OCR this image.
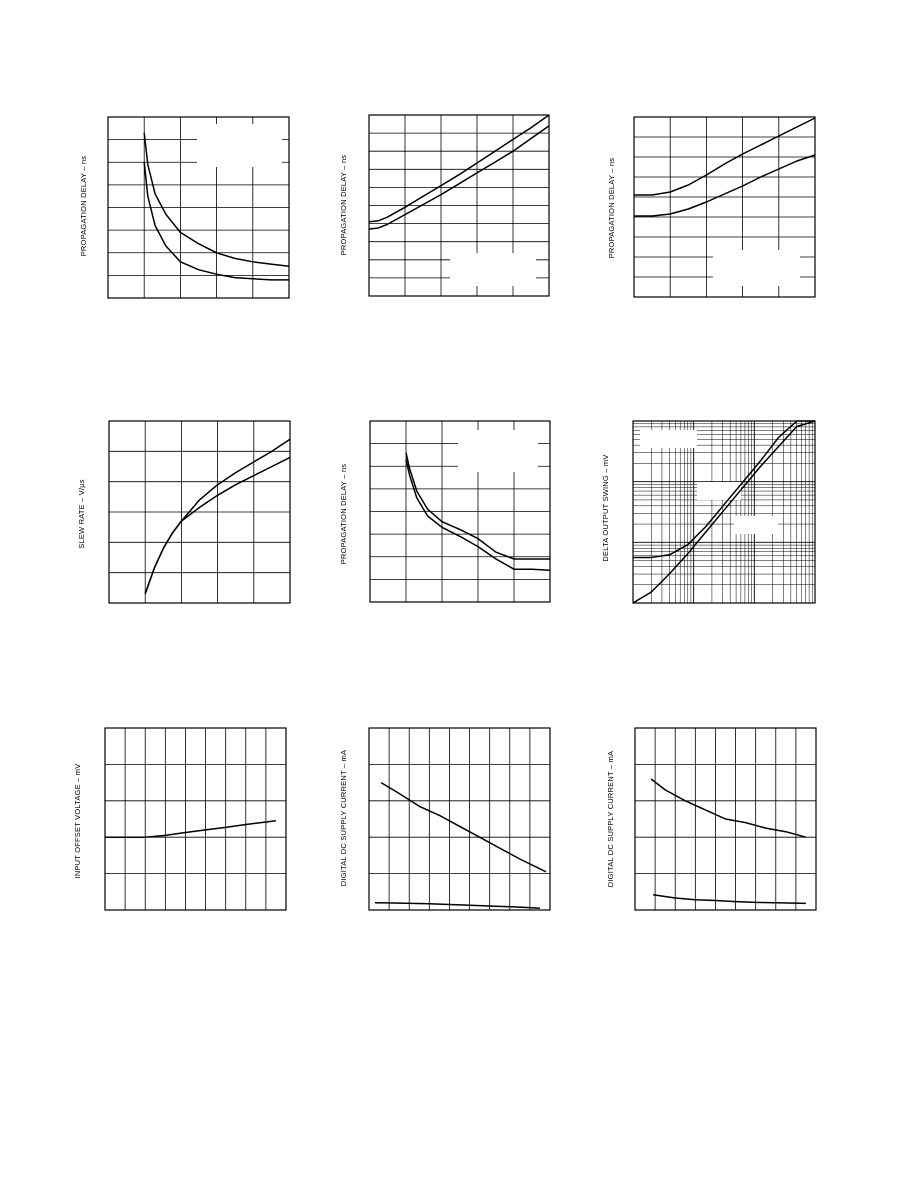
PROPAGATION DELAY – ns	PROPAGATION DELAY – ns	PROPAGATION DELAY – ns
SLEW RATE – V/µs	PROPAGATION DELAY – ns	DELTA OUTPUT SWING – mV
INPUT OFFSET VOLTAGE – mV	DIGITAL DC SUPPLY CURRENT – mA	DIGITAL DC SUPPLY CURRENT – mA
